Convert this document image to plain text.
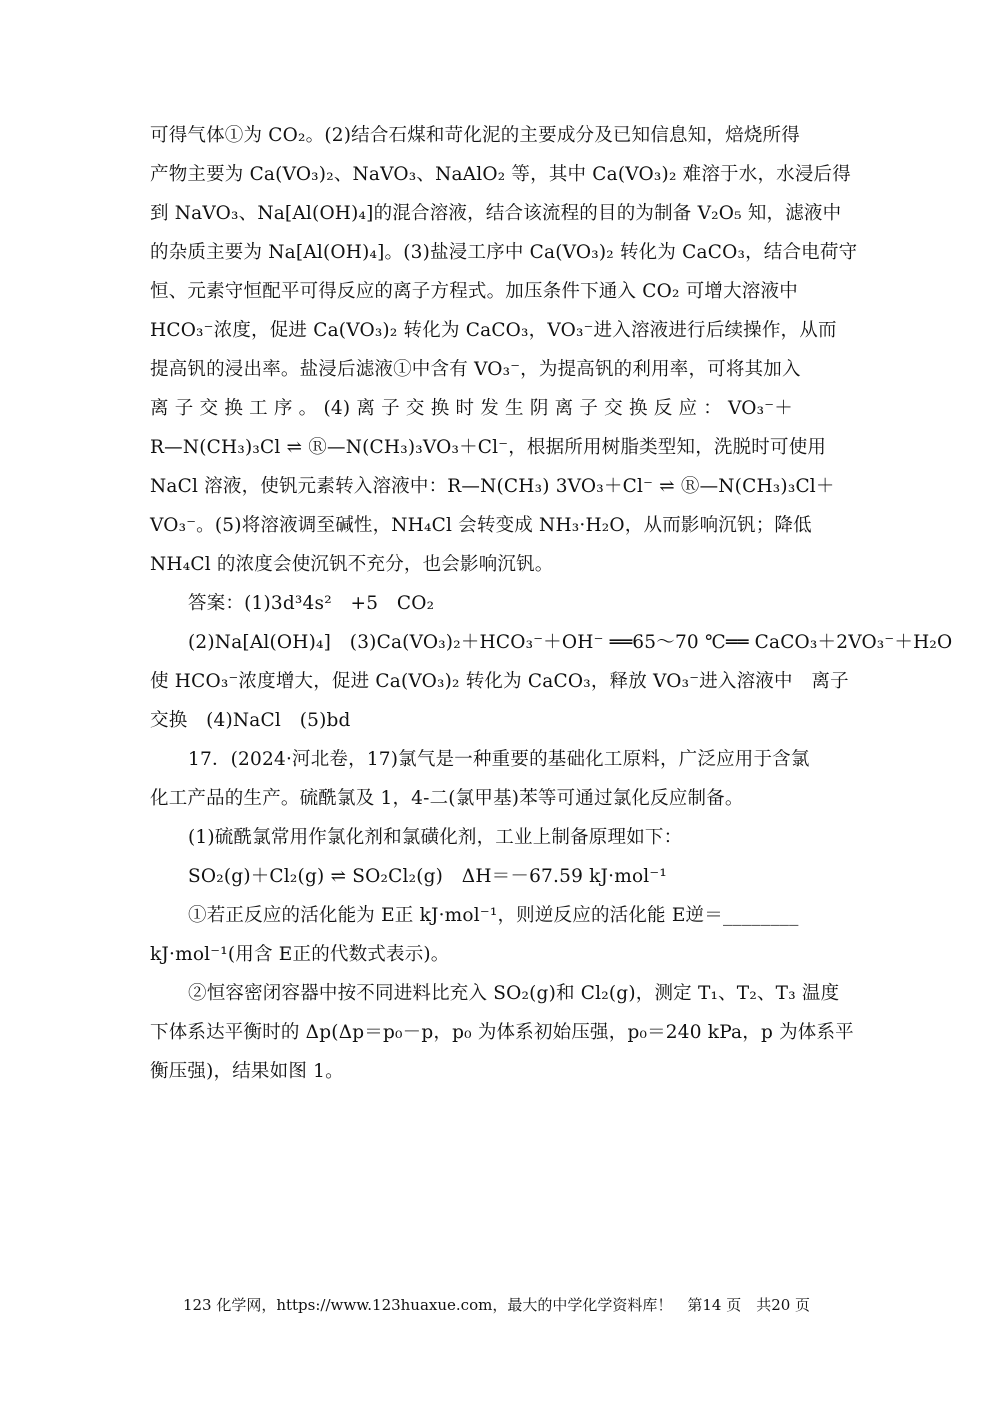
可得气体①为 CO₂。(2)结合石煤和苛化泥的主要成分及已知信息知，焙烧所得
产物主要为 Ca(VO₃)₂、NaVO₃、NaAlO₂ 等，其中 Ca(VO₃)₂ 难溶于水，水浸后得
到 NaVO₃、Na[Al(OH)₄]的混合溶液，结合该流程的目的为制备 V₂O₅ 知，滤液中
的杂质主要为 Na[Al(OH)₄]。(3)盐浸工序中 Ca(VO₃)₂ 转化为 CaCO₃，结合电荷守
恒、元素守恒配平可得反应的离子方程式。加压条件下通入 CO₂ 可增大溶液中
HCO₃⁻浓度，促进 Ca(VO₃)₂ 转化为 CaCO₃，VO₃⁻进入溶液进行后续操作，从而
提高钒的浸出率。盐浸后滤液①中含有 VO₃⁻，为提高钒的利用率，可将其加入
离 子 交 换 工 序 。 (4) 离 子 交 换 时 发 生 阴 离 子 交 换 反 应 ： VO₃⁻＋
R—N(CH₃)₃Cl ⇌ Ⓡ—N(CH₃)₃VO₃＋Cl⁻，根据所用树脂类型知，洗脱时可使用
NaCl 溶液，使钒元素转入溶液中：R—N(CH₃) 3VO₃＋Cl⁻ ⇌ Ⓡ—N(CH₃)₃Cl＋
VO₃⁻。(5)将溶液调至碱性，NH₄Cl 会转变成 NH₃·H₂O，从而影响沉钒；降低
NH₄Cl 的浓度会使沉钒不充分，也会影响沉钒。
答案：(1)3d³4s²　+5　CO₂
(2)Na[Al(OH)₄]　(3)Ca(VO₃)₂＋HCO₃⁻＋OH⁻ ══65～70 ℃══ CaCO₃＋2VO₃⁻＋H₂O
使 HCO₃⁻浓度增大，促进 Ca(VO₃)₂ 转化为 CaCO₃，释放 VO₃⁻进入溶液中　离子
交换　(4)NaCl　(5)bd
17．(2024·河北卷，17)氯气是一种重要的基础化工原料，广泛应用于含氯
化工产品的生产。硫酰氯及 1，4-二(氯甲基)苯等可通过氯化反应制备。
(1)硫酰氯常用作氯化剂和氯磺化剂，工业上制备原理如下：
SO₂(g)＋Cl₂(g) ⇌ SO₂Cl₂(g)　ΔH＝－67.59 kJ·mol⁻¹
①若正反应的活化能为 E正 kJ·mol⁻¹，则逆反应的活化能 E逆＝________
kJ·mol⁻¹(用含 E正的代数式表示)。
②恒容密闭容器中按不同进料比充入 SO₂(g)和 Cl₂(g)，测定 T₁、T₂、T₃ 温度
下体系达平衡时的 Δp(Δp＝p₀－p，p₀ 为体系初始压强，p₀＝240 kPa，p 为体系平
衡压强)，结果如图 1。
123 化学网，https://www.123huaxue.com，最大的中学化学资料库！　第14 页　共20 页
